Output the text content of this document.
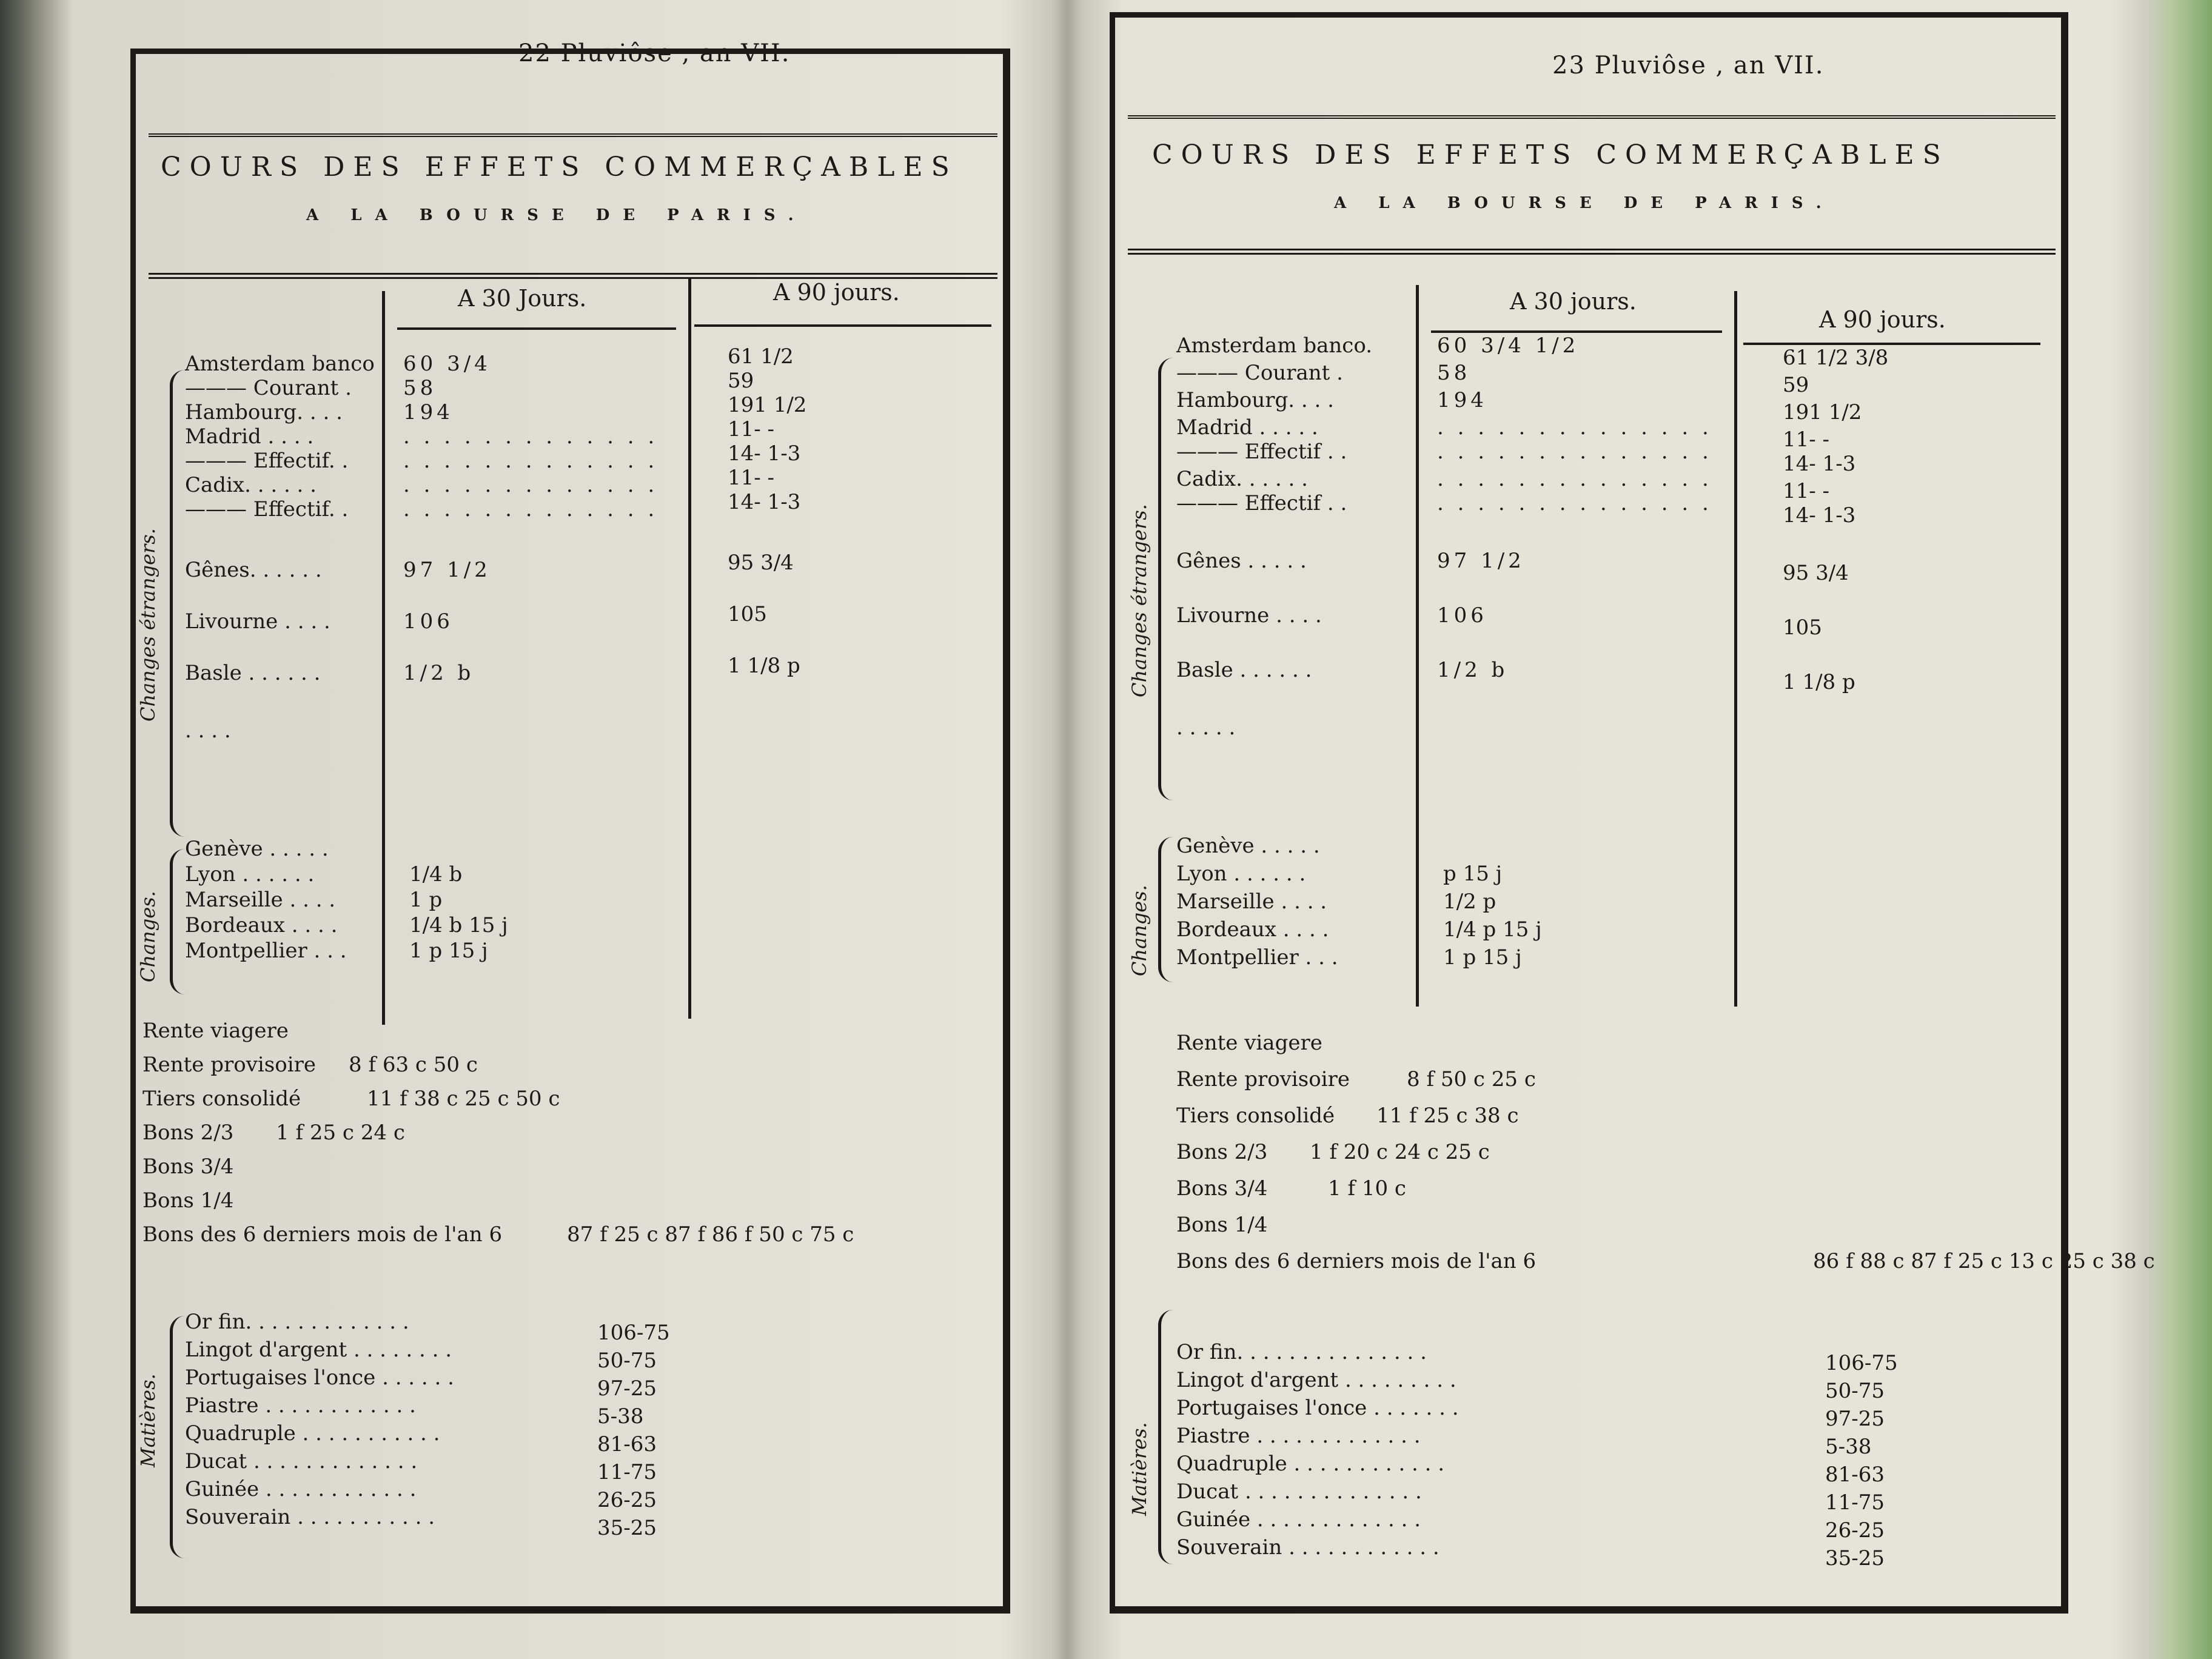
22 Pluviôse , an VII.
COURS DES EFFETS COMMERÇABLES
A LA BOURSE DE PARIS.
A 30 Jours.	A 90 jours.
Changes étrangers.
Amsterdam banco 60 3/4	61 1/2
——— Courant .	58	59
Hambourg. . . .	194	191 1/2
Madrid . . . .	. . . . . . . . . . . . .	11- -
——— Effectif. .	. . . . . . . . . . . . .	14- 1-3
Cadix. . . . . .	. . . . . . . . . . . . .	11- -
——— Effectif. .	. . . . . . . . . . . . .	14- 1-3
Gênes. . . . . .	97 1/2	95 3/4
Livourne . . . .	106	105
Basle . . . . . .	1/2 b	1 1/8 p
. . . .
Changes.
Genève . . . . .
Lyon . . . . . .	1/4 b
Marseille . . . .	1 p
Bordeaux . . . .	1/4 b 15 j
Montpellier . . .	1 p 15 j
Rente viagere
Rente provisoire 8 f 63 c 50 c
Tiers consolidé	11 f 38 c 25 c 50 c
Bons 2/3 1 f 25 c 24 c
Bons 3/4
Bons 1/4
Bons des 6 derniers mois de l'an 6	87 f 25 c 87 f 86 f 50 c 75 c
Matières.
Or fin. . . . . . . . . . . . .	106-75
Lingot d'argent . . . . . . . .	50-75
Portugaises l'once . . . . . .	97-25
Piastre . . . . . . . . . . . .	5-38
Quadruple . . . . . . . . . . .	81-63
Ducat . . . . . . . . . . . . .	11-75
Guinée . . . . . . . . . . . .	26-25
Souverain . . . . . . . . . . .	35-25
23 Pluviôse , an VII.
COURS DES EFFETS COMMERÇABLES
A LA BOURSE DE PARIS.
A 30 jours.
A 90 jours.
Changes étrangers.
Amsterdam banco.	60 3/4 1/2	61 1/2 3/8
——— Courant .	58	59
Hambourg. . . .	194	191 1/2
Madrid . . . . .	. . . . . . . . . . . . . .	11- -
——— Effectif . .	. . . . . . . . . . . . . .	14- 1-3
Cadix. . . . . .	. . . . . . . . . . . . . .	11- -
——— Effectif . .	. . . . . . . . . . . . . .	14- 1-3
Gênes . . . . .	97 1/2	95 3/4
Livourne . . . .	106	105
Basle . . . . . .	1/2 b	1 1/8 p
. . . . .
Changes.
Genève . . . . .
Lyon . . . . . .	p 15 j
Marseille . . . .	1/2 p
Bordeaux . . . .	1/4 p 15 j
Montpellier . . .	1 p 15 j
Rente viagere
Rente provisoire	8 f 50 c 25 c
Tiers consolidé 11 f 25 c 38 c
Bons 2/3 1 f 20 c 24 c 25 c
Bons 3/4	1 f 10 c
Bons 1/4
Bons des 6 derniers mois de l'an 6	86 f 88 c 87 f 25 c 13 c 25 c 38 c
Matières.
Or fin. . . . . . . . . . . . . . .	106-75
Lingot d'argent . . . . . . . . .	50-75
Portugaises l'once . . . . . . .	97-25
Piastre . . . . . . . . . . . . .	5-38
Quadruple . . . . . . . . . . . .	81-63
Ducat . . . . . . . . . . . . . .	11-75
Guinée . . . . . . . . . . . . .	26-25
Souverain . . . . . . . . . . . .	35-25
